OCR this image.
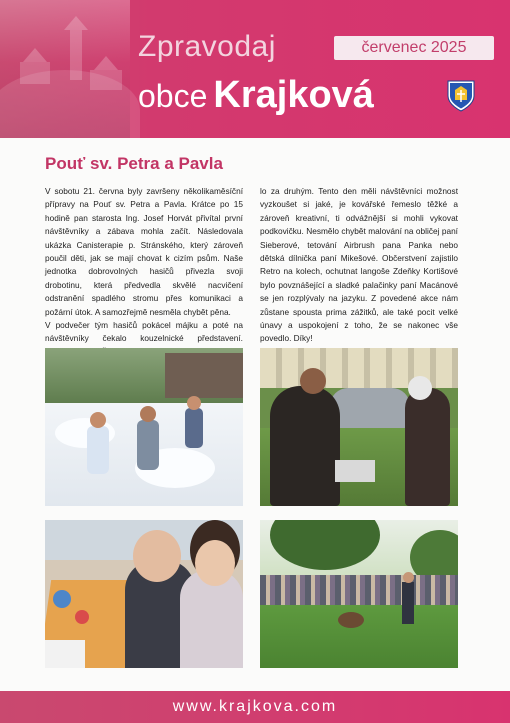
Zpravodaj	červenec 2025
obce Krajková
Pouť sv. Petra a Pavla

V sobotu 21. června byly završeny několikaměsíční přípravy na Pouť sv. Petra a Pavla. Krátce po 15 hodině pan starosta Ing. Josef Horvát přivítal první návštěvníky a zábava mohla začít. Následovala ukázka Canisterapie p. Stránského, který zároveň poučil děti, jak se mají chovat k cizím psům. Naše jednotka dobrovolných hasičů přivezla svoji drobotinu, která předvedla skvělé nacvičení odstranění spadlého stromu přes komunikaci a požární útok. A samozřejmě nesměla chybět pěna.

V podvečer tým hasičů pokácel májku a poté na návštěvníky čekalo kouzelnické představení.

lo za druhým. Tento den měli návštěvníci možnost vyzkoušet si jaké, je kovářské řemeslo těžké a zároveň kreativní, ti odvážnější si mohli vykovat podkovičku. Nesmělo chybět malování na obličej paní Sieberové, tetování Airbrush pana Panka nebo dětská dílnička paní Mikešové. Občerstvení zajistilo Retro na kolech, ochutnat langoše Zdeňky Kortišové bylo povznášející a sladké palačinky paní Macánové se jen rozplývaly na jazyku. Z povedené akce nám zůstane spousta prima zážitků, ale také pocit velké únavy a uspokojení z toho, že se nakonec vše povedlo. Díky!

www.krajkova.com
